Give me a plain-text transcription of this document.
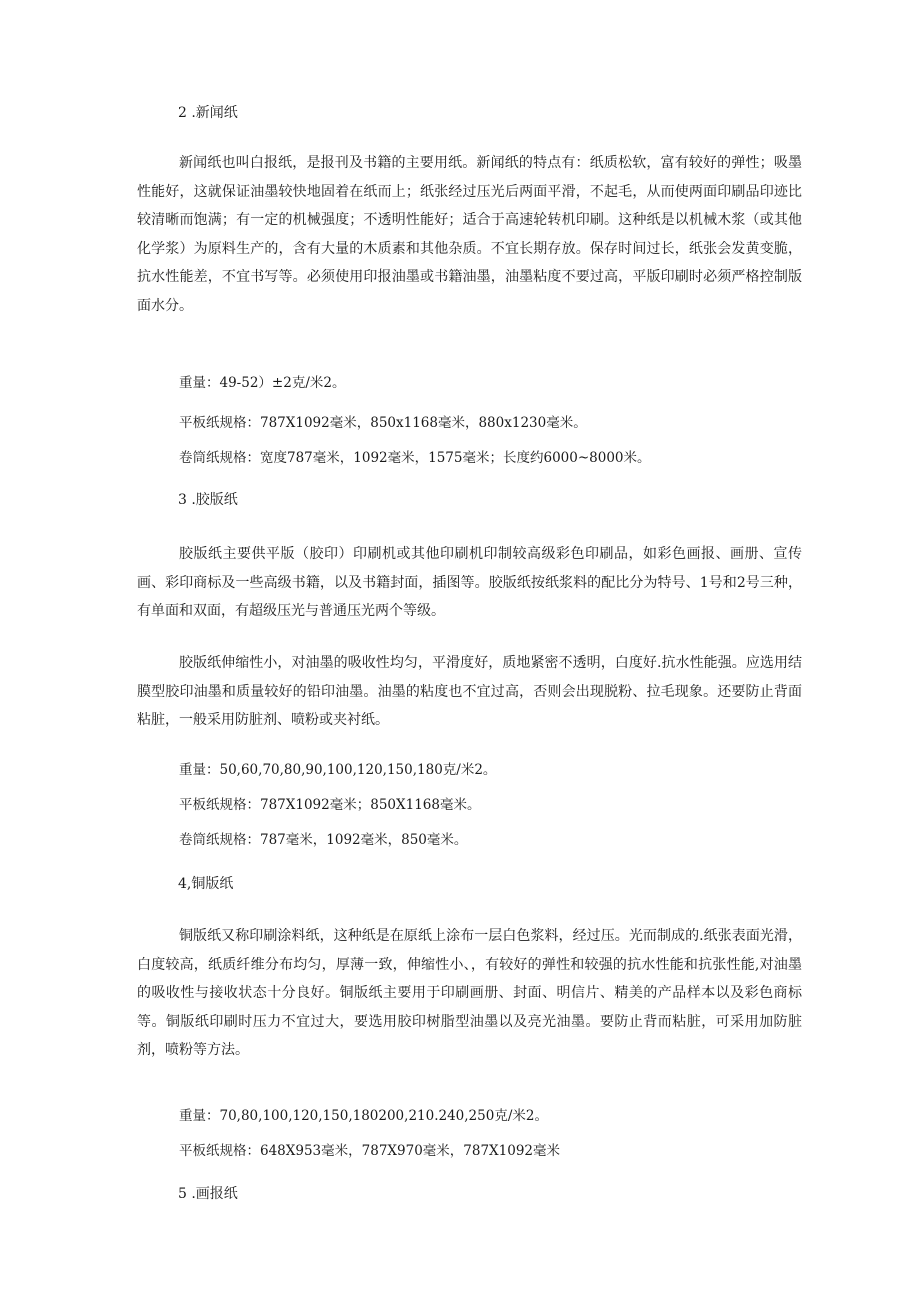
2 .新闻纸

新闻纸也叫白报纸，是报刊及书籍的主要用纸。新闻纸的特点有：纸质松软，富有较好的弹性；吸墨性能好，这就保证油墨较快地固着在纸而上；纸张经过压光后两面平滑，不起毛，从而使两面印刷品印迹比较清晰而饱满；有一定的机械强度；不透明性能好；适合于高速轮转机印刷。这种纸是以机械木浆（或其他化学浆）为原料生产的，含有大量的木质素和其他杂质。不宜长期存放。保存时间过长，纸张会发黄变脆，抗水性能差，不宜书写等。必须使用印报油墨或书籍油墨，油墨粘度不要过高，平版印刷时必须严格控制版面水分。

重量：49-52）±2克/米2。
平板纸规格：787X1092毫米，850x1168毫米，880x1230毫米。
卷筒纸规格：宽度787毫米，1092毫米，1575毫米；长度约6000~8000米。
3 .胶版纸

胶版纸主要供平版（胶印）印刷机或其他印刷机印制较高级彩色印刷品，如彩色画报、画册、宣传画、彩印商标及一些高级书籍，以及书籍封面，插图等。胶版纸按纸浆料的配比分为特号、1号和2号三种，有单面和双面，有超级压光与普通压光两个等级。

胶版纸伸缩性小，对油墨的吸收性均匀，平滑度好，质地紧密不透明，白度好.抗水性能强。应选用结膜型胶印油墨和质量较好的铅印油墨。油墨的粘度也不宜过高，否则会出现脱粉、拉毛现象。还要防止背面粘脏，一般采用防脏剂、喷粉或夹衬纸。

重量：50,60,70,80,90,100,120,150,180克/米2。
平板纸规格：787X1092毫米；850X1168毫米。
卷筒纸规格：787毫米，1092毫米，850毫米。
4,铜版纸

铜版纸又称印刷涂料纸，这种纸是在原纸上涂布一层白色浆料，经过压。光而制成的.纸张表面光滑，白度较高，纸质纤维分布均匀，厚薄一致，伸缩性小、，有较好的弹性和较强的抗水性能和抗张性能,对油墨的吸收性与接收状态十分良好。铜版纸主要用于印刷画册、封面、明信片、精美的产品样本以及彩色商标等。铜版纸印刷时压力不宜过大，要选用胶印树脂型油墨以及亮光油墨。要防止背而粘脏，可采用加防脏剂，喷粉等方法。

重量：70,80,100,120,150,180200,210.240,250克/米2。
平板纸规格：648X953毫米，787X970毫米，787X1092毫米
5 .画报纸
